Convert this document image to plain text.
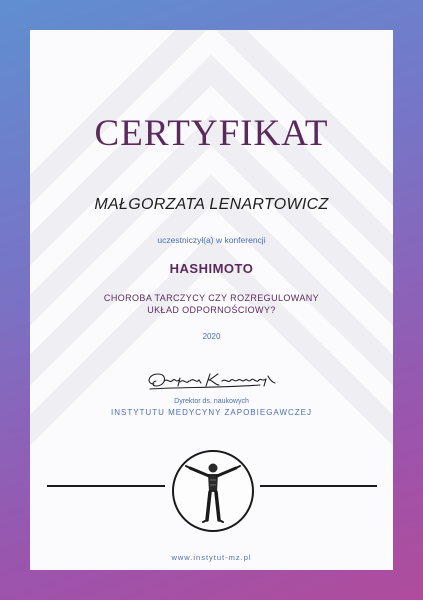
CERTYFIKAT
MAŁGORZATA LENARTOWICZ
uczestniczył(a) w konferencji
HASHIMOTO
CHOROBA TARCZYCY CZY ROZREGULOWANY
UKŁAD ODPORNOŚCIOWY?
2020
Dyrektor ds. naukowych
INSTYTUTU MEDYCYNY ZAPOBIEGAWCZEJ
www.instytut-mz.pl
